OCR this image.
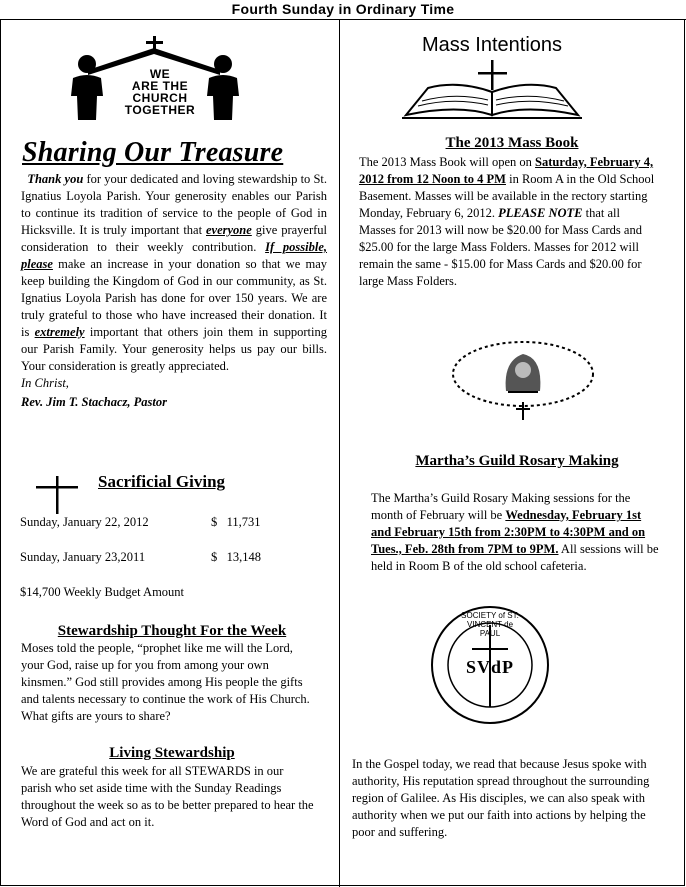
Fourth Sunday in Ordinary Time
WE
ARE THE
CHURCH
TOGETHER
Sharing Our Treasure
Thank you for your dedicated and loving stewardship to St. Ignatius Loyola Parish. Your generosity enables our Parish to continue its tradition of service to the people of God in Hicksville. It is truly important that everyone give prayerful consideration to their weekly contribution. If possible, please make an increase in your donation so that we may keep building the Kingdom of God in our community, as St. Ignatius Loyola Parish has done for over 150 years. We are truly grateful to those who have increased their donation. It is extremely important that others join them in supporting our Parish Family. Your generosity helps us pay our bills. Your consideration is greatly appreciated.
In Christ,
Rev. Jim T. Stachacz, Pastor
Sacrificial Giving
Sunday, January 22, 2012	$   11,731
Sunday, January 23,2011	$   13,148
$14,700 Weekly Budget Amount
Stewardship Thought For the Week
Moses told the people, “prophet like me will the Lord, your God, raise up for you from among your own kinsmen.” God still provides among His people the gifts and talents necessary to continue the work of His Church. What gifts are yours to share?
Living Stewardship
We are grateful this week for all STEWARDS in our parish who set aside time with the Sunday Readings throughout the week so as to be better prepared to hear the Word of God and act on it.
Mass Intentions
The 2013 Mass Book
The 2013 Mass Book will open on Saturday, February 4, 2012 from 12 Noon to 4 PM in Room A in the Old School Basement. Masses will be available in the rectory starting Monday, February 6, 2012. PLEASE NOTE that all Masses for 2013 will now be $20.00 for Mass Cards and $25.00 for the large Mass Folders. Masses for 2012 will remain the same - $15.00 for Mass Cards and $20.00 for large Mass Folders.
Martha’s Guild Rosary Making
The Martha’s Guild Rosary Making sessions for the month of February will be Wednesday, February 1st and February 15th from 2:30PM to 4:30PM and on Tues., Feb. 28th from 7PM to 9PM. All sessions will be held in Room B of the old school cafeteria.
SOCIETY of ST. VINCENT de PAUL
SVdP
In the Gospel today, we read that because Jesus spoke with authority, His reputation spread throughout the surrounding region of Galilee. As His disciples, we can also speak with authority when we put our faith into actions by helping the poor and suffering.
